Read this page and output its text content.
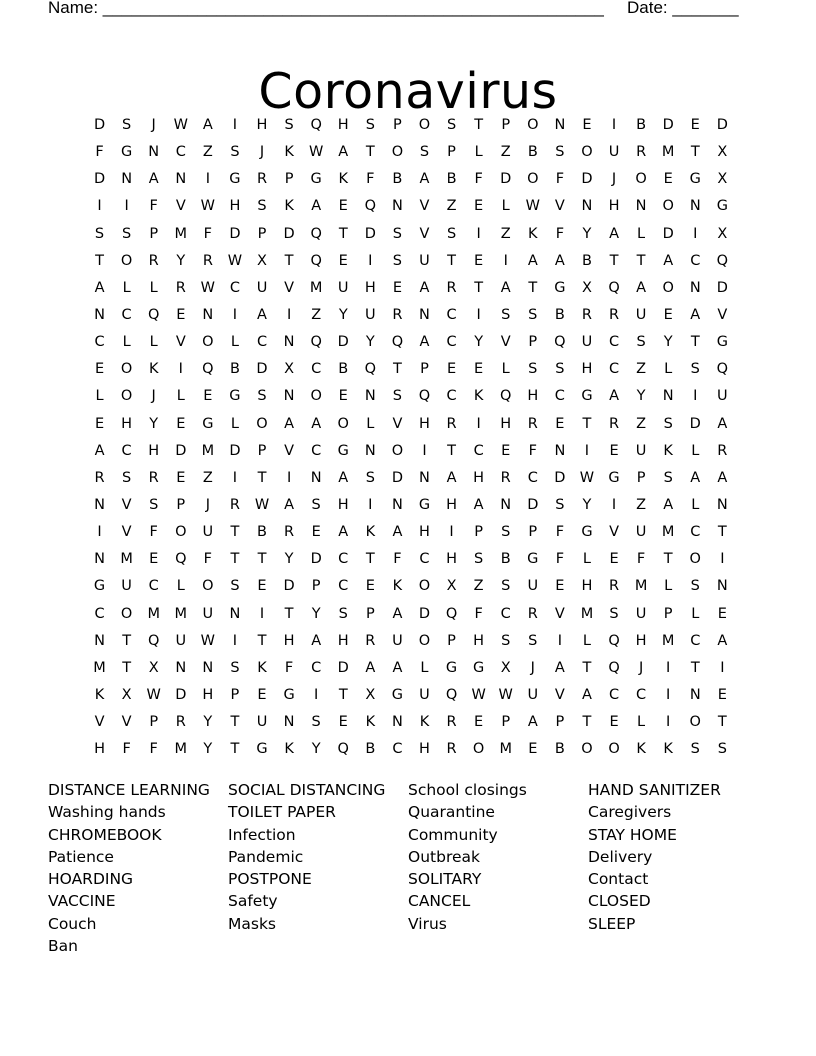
Name: _____________________________________________________

Date: _______

Coronavirus
D	S	J	W	A	I	H	S	Q	H	S	P	O	S	T	P	O	N	E	I	B	D	E	D
F	G	N	C	Z	S	J	K	W	A	T	O	S	P	L	Z	B	S	O	U	R	M	T	X
D	N	A	N	I	G	R	P	G	K	F	B	A	B	F	D	O	F	D	J	O	E	G	X
I	I	F	V	W H	S	K	A	E	Q	N	V	Z	E	L	W	V	N	H	N	O	N	G
S	S	P	M	F	D	P	D	Q	T	D	S	V	S	I	Z	K	F	Y	A	L	D	I	X
T	O	R	Y	R	W	X	T	Q	E	I	S	U	T	E	I	A	A	B	T	T	A	C	Q
A	L	L	R	W	C	U	V	M	U	H	E	A	R	T	A	T	G	X	Q	A	O	N	D
N	C	Q	E	N	I	A	I	Z	Y	U	R	N	C	I	S	S	B	R	R	U	E	A	V
C	L	L	V	O	L	C	N	Q	D	Y	Q	A	C	Y	V	P	Q	U	C	S	Y	T	G
E	O	K	I	Q	B	D	X	C	B	Q	T	P	E	E	L	S	S	H	C	Z	L	S	Q
L	O	J	L	E	G	S	N	O	E	N	S	Q	C	K	Q	H	C	G	A	Y	N	I	U
E	H	Y	E	G	L	O	A	A	O	L	V	H	R	I	H	R	E	T	R	Z	S	D	A
A	C	H	D	M	D	P	V	C	G	N	O	I	T	C	E	F	N	I	E	U	K	L	R
R	S	R	E	Z	I	T	I	N	A	S	D	N	A	H	R	C	D W G	P	S	A	A
N	V	S	P	J	R	W	A	S	H	I	N	G	H	A	N	D	S	Y	I	Z	A	L	N
I	V	F	O	U	T	B	R	E	A	K	A	H	I	P	S	P	F	G	V	U	M	C	T
N	M	E	Q	F	T	T	Y	D	C	T	F	C	H	S	B	G	F	L	E	F	T	O	I
G	U	C	L	O	S	E	D	P	C	E	K	O	X	Z	S	U	E	H	R	M	L	S	N
C	O	M	M	U	N	I	T	Y	S	P	A	D	Q	F	C	R	V	M	S	U	P	L	E
N	T	Q	U	W	I	T	H	A	H	R	U	O	P	H	S	S	I	L	Q	H	M	C	A
M	T	X	N	N	S	K	F	C	D	A	A	L	G	G	X	J	A	T	Q	J	I	T	I
K	X	W D	H	P	E	G	I	T	X	G	U	Q W W	U	V	A	C	C	I	N	E
V	V	P	R	Y	T	U	N	S	E	K	N	K	R	E	P	A	P	T	E	L	I	O	T
H	F	F	M	Y	T	G	K	Y	Q	B	C	H	R	O	M	E	B	O	O	K	K	S	S
DISTANCE LEARNING	SOCIAL DISTANCING	School closings	HAND SANITIZER
Washing hands	TOILET PAPER	Quarantine	Caregivers
CHROMEBOOK	Infection	Community	STAY HOME
Patience	Pandemic	Outbreak	Delivery
HOARDING	POSTPONE	SOLITARY	Contact
VACCINE	Safety	CANCEL	CLOSED
Couch	Masks	Virus	SLEEP
Ban
